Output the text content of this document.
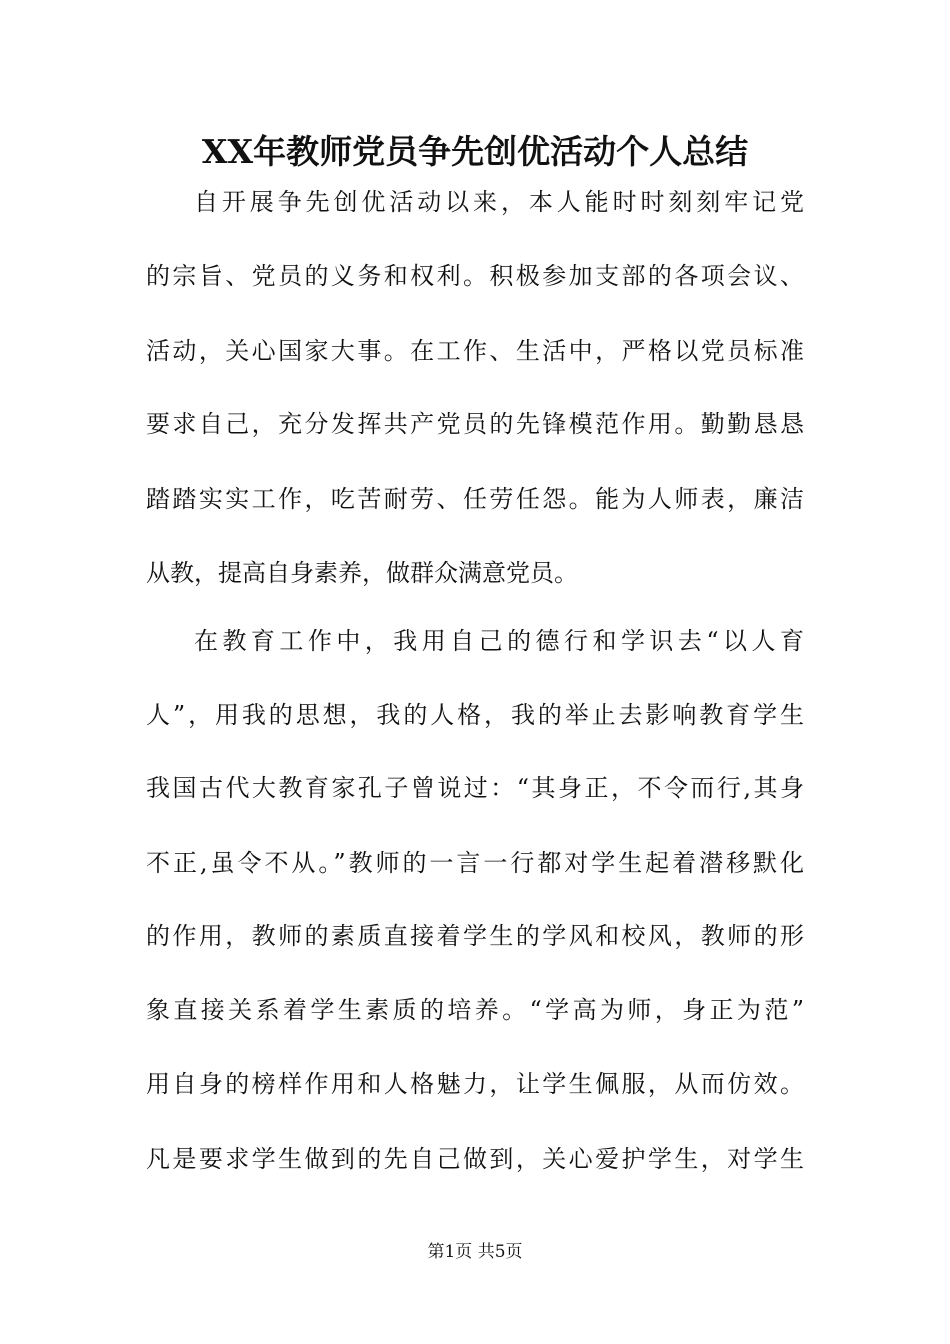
XX年教师党员争先创优活动个人总结
自开展争先创优活动以来，本人能时时刻刻牢记党
的宗旨、党员的义务和权利。积极参加支部的各项会议、
活动，关心国家大事。在工作、生活中，严格以党员标准
要求自己，充分发挥共产党员的先锋模范作用。勤勤恳恳
踏踏实实工作，吃苦耐劳、任劳任怨。能为人师表，廉洁
从教，提高自身素养，做群众满意党员。
在教育工作中，我用自己的德行和学识去“以人育
人”，用我的思想，我的人格，我的举止去影响教育学生
我国古代大教育家孔子曾说过：“其身正，不令而行,其身
不正,虽令不从。”教师的一言一行都对学生起着潜移默化
的作用，教师的素质直接着学生的学风和校风，教师的形
象直接关系着学生素质的培养。“学高为师，身正为范”
用自身的榜样作用和人格魅力，让学生佩服，从而仿效。
凡是要求学生做到的先自己做到，关心爱护学生，对学生
第1页 共5页
